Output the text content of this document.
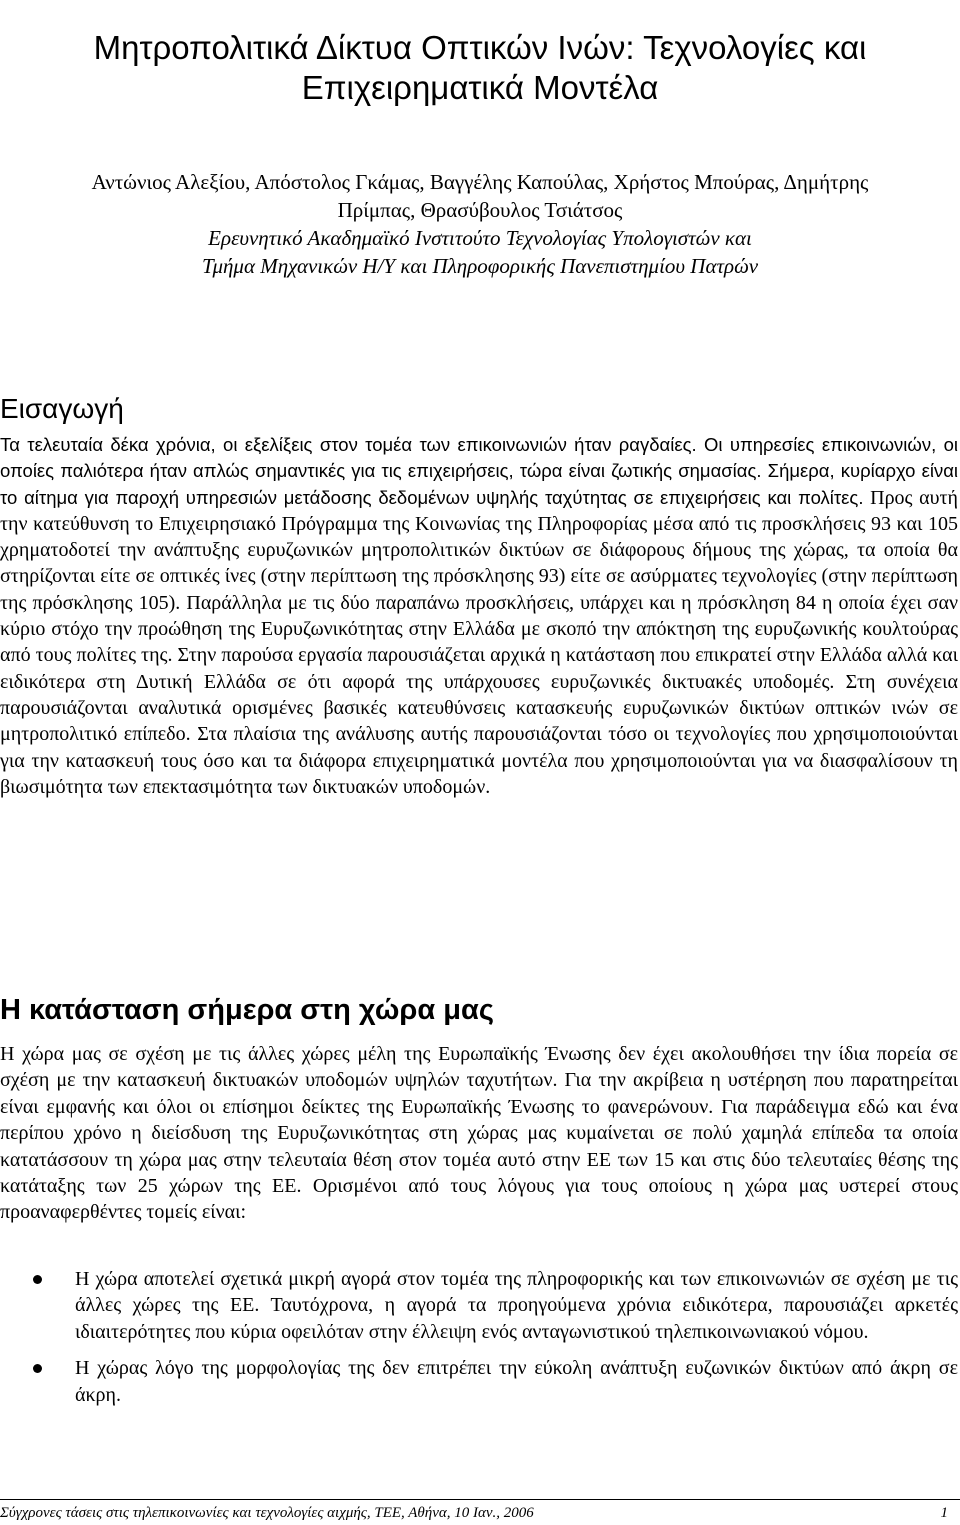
Μητροπολιτικά Δίκτυα Οπτικών Ινών: Τεχνολογίες και
Επιχειρηματικά Μοντέλα
Αντώνιος Αλεξίου, Απόστολος Γκάμας, Βαγγέλης Καπούλας, Χρήστος Μπούρας, Δημήτρης
Πρίμπας, Θρασύβουλος Τσιάτσος
Ερευνητικό Ακαδημαϊκό Ινστιτούτο Τεχνολογίας Υπολογιστών και
Τμήμα Μηχανικών Η/Υ και Πληροφορικής Πανεπιστημίου Πατρών
Εισαγωγή

Τα τελευταία δέκα χρόνια, οι εξελίξεις στον τομέα των επικοινωνιών ήταν ραγδαίες. Οι υπηρεσίες επικοινωνιών, οι οποίες παλιότερα ήταν απλώς σημαντικές για τις επιχειρήσεις, τώρα είναι ζωτικής σημασίας. Σήμερα, κυρίαρχο είναι το αίτημα για παροχή υπηρεσιών μετάδοσης δεδομένων υψηλής ταχύτητας σε επιχειρήσεις και πολίτες. Προς αυτή την κατεύθυνση το Επιχειρησιακό Πρόγραμμα της Κοινωνίας της Πληροφορίας μέσα από τις προσκλήσεις 93 και 105 χρηματοδοτεί την ανάπτυξης ευρυζωνικών μητροπολιτικών δικτύων σε διάφορους δήμους της χώρας, τα οποία θα στηρίζονται είτε σε οπτικές ίνες (στην περίπτωση της πρόσκλησης 93) είτε σε ασύρματες τεχνολογίες (στην περίπτωση της πρόσκλησης 105). Παράλληλα με τις δύο παραπάνω προσκλήσεις, υπάρχει και η πρόσκληση 84 η οποία έχει σαν κύριο στόχο την προώθηση της Ευρυζωνικότητας στην Ελλάδα με σκοπό την απόκτηση της ευρυζωνικής κουλτούρας από τους πολίτες της. Στην παρούσα εργασία παρουσιάζεται αρχικά η κατάσταση που επικρατεί στην Ελλάδα αλλά και ειδικότερα στη Δυτική Ελλάδα σε ότι αφορά της υπάρχουσες ευρυζωνικές δικτυακές υποδομές. Στη συνέχεια παρουσιάζονται αναλυτικά ορισμένες βασικές κατευθύνσεις κατασκευής ευρυζωνικών δικτύων οπτικών ινών σε μητροπολιτικό επίπεδο. Στα πλαίσια της ανάλυσης αυτής παρουσιάζονται τόσο οι τεχνολογίες που χρησιμοποιούνται για την κατασκευή τους όσο και τα διάφορα επιχειρηματικά μοντέλα που χρησιμοποιούνται για να διασφαλίσουν τη βιωσιμότητα των επεκτασιμότητα των δικτυακών υποδομών.

Η κατάσταση σήμερα στη χώρα μας

Η χώρα μας σε σχέση με τις άλλες χώρες μέλη της Ευρωπαϊκής Ένωσης δεν έχει ακολουθήσει την ίδια πορεία σε σχέση με την κατασκευή δικτυακών υποδομών υψηλών ταχυτήτων. Για την ακρίβεια η υστέρηση που παρατηρείται είναι εμφανής και όλοι οι επίσημοι δείκτες της Ευρωπαϊκής Ένωσης το φανερώνουν. Για παράδειγμα εδώ και ένα περίπου χρόνο η διείσδυση της Ευρυζωνικότητας στη χώρας μας κυμαίνεται σε πολύ χαμηλά επίπεδα τα οποία κατατάσσουν τη χώρα μας στην τελευταία θέση στον τομέα αυτό στην ΕΕ των 15 και στις δύο τελευταίες θέσης της κατάταξης των 25 χώρων της ΕΕ. Ορισμένοι από τους λόγους για τους οποίους η χώρα μας υστερεί στους προαναφερθέντες τομείς είναι:

Η χώρα αποτελεί σχετικά μικρή αγορά στον τομέα της πληροφορικής και των επικοινωνιών σε σχέση με τις άλλες χώρες της ΕΕ. Ταυτόχρονα, η αγορά τα προηγούμενα χρόνια ειδικότερα, παρουσιάζει αρκετές ιδιαιτερότητες που κύρια οφειλόταν στην έλλειψη ενός ανταγωνιστικού τηλεπικοινωνιακού νόμου.
Η χώρας λόγο της μορφολογίας της δεν επιτρέπει την εύκολη ανάπτυξη ευζωνικών δικτύων από άκρη σε άκρη.
Σύγχρονες τάσεις στις τηλεπικοινωνίες και τεχνολογίες αιχμής, ΤΕΕ, Αθήνα, 10 Ιαν., 2006	1
